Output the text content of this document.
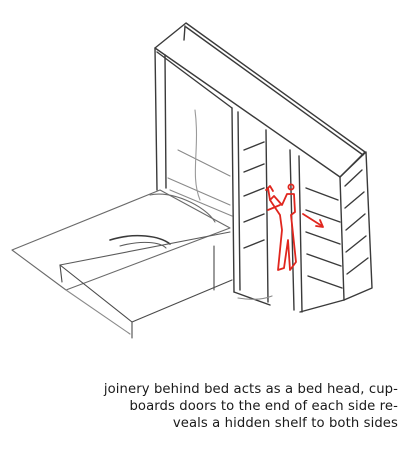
joinery behind bed acts as a bed head, cup-
boards doors to the end of each side re-
veals a hidden shelf to both sides
